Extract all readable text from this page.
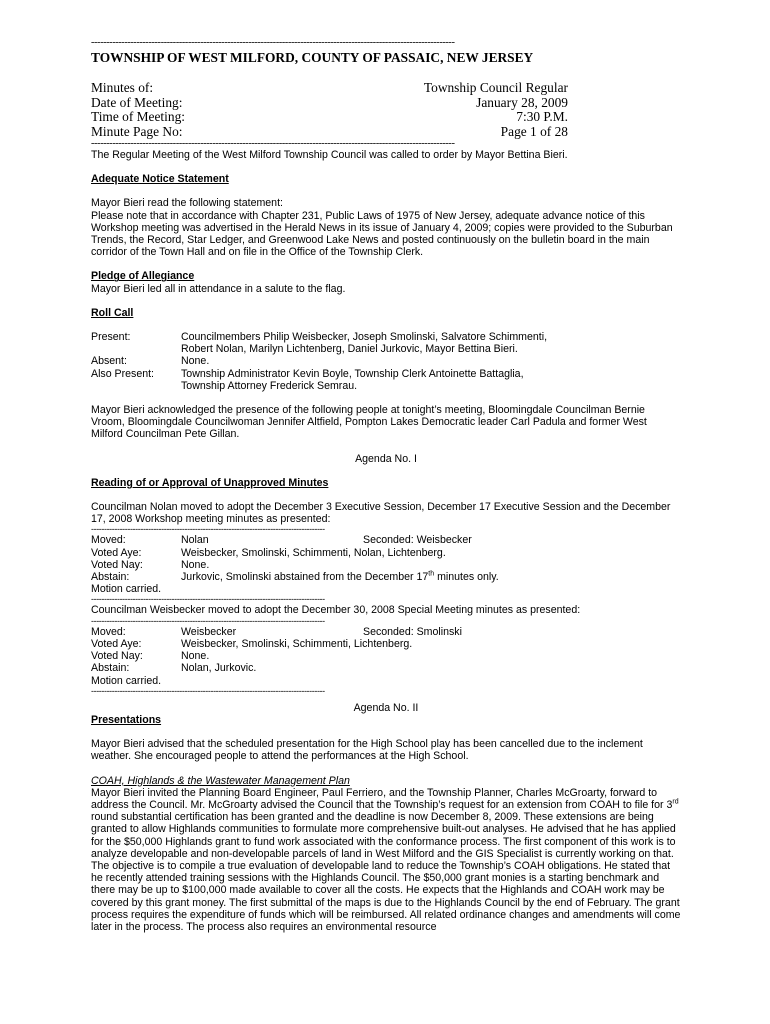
------------------------------------------------------------------------------------------------------------------------
TOWNSHIP OF WEST MILFORD, COUNTY OF PASSAIC, NEW JERSEY
Minutes of:	Township Council Regular
Date of Meeting:	January 28, 2009
Time of Meeting:	7:30 P.M.
Minute Page No:	Page 1 of 28
------------------------------------------------------------------------------------------------------------------------

The Regular Meeting of the West Milford Township Council was called to order by Mayor Bettina Bieri.

Adequate Notice Statement

Mayor Bieri read the following statement:

Please note that in accordance with Chapter 231, Public Laws of 1975 of New Jersey, adequate advance notice of this Workshop meeting was advertised in the Herald News in its issue of January 4, 2009; copies were provided to the Suburban Trends, the Record, Star Ledger, and Greenwood Lake News and posted continuously on the bulletin board in the main corridor of the Town Hall and on file in the Office of the Township Clerk.

Pledge of Allegiance

Mayor Bieri led all in attendance in a salute to the flag.

Roll Call

Present:	Councilmembers Philip Weisbecker, Joseph Smolinski, Salvatore Schimmenti,
Robert Nolan, Marilyn Lichtenberg, Daniel Jurkovic, Mayor Bettina Bieri.
Absent:	None.
Also Present:	Township Administrator Kevin Boyle, Township Clerk Antoinette Battaglia,
Township Attorney Frederick Semrau.

Mayor Bieri acknowledged the presence of the following people at tonight’s meeting, Bloomingdale Councilman Bernie Vroom, Bloomingdale Councilwoman Jennifer Altfield, Pompton Lakes Democratic leader Carl Padula and former West Milford Councilman Pete Gillan.

Agenda No. I

Reading of or Approval of Unapproved Minutes

Councilman Nolan moved to adopt the December 3 Executive Session, December 17 Executive Session and the December 17, 2008 Workshop meeting minutes as presented:

------------------------------------------------------------------------------------------
Moved:	Nolan	Seconded: Weisbecker
Voted Aye:	Weisbecker, Smolinski, Schimmenti, Nolan, Lichtenberg.
Voted Nay:	None.
Abstain:	Jurkovic, Smolinski abstained from the December 17th minutes only.

Motion carried.

------------------------------------------------------------------------------------------

Councilman Weisbecker moved to adopt the December 30, 2008 Special Meeting minutes as presented:

------------------------------------------------------------------------------------------
Moved:	Weisbecker	Seconded: Smolinski
Voted Aye:	Weisbecker, Smolinski, Schimmenti, Lichtenberg.
Voted Nay:	None.
Abstain:	Nolan, Jurkovic.

Motion carried.

------------------------------------------------------------------------------------------

Agenda No. II

Presentations

Mayor Bieri advised that the scheduled presentation for the High School play has been cancelled due to the inclement weather. She encouraged people to attend the performances at the High School.

COAH, Highlands & the Wastewater Management Plan

Mayor Bieri invited the Planning Board Engineer, Paul Ferriero, and the Township Planner, Charles McGroarty, forward to address the Council. Mr. McGroarty advised the Council that the Township’s request for an extension from COAH to file for 3rd round substantial certification has been granted and the deadline is now December 8, 2009. These extensions are being granted to allow Highlands communities to formulate more comprehensive built-out analyses. He advised that he has applied for the $50,000 Highlands grant to fund work associated with the conformance process. The first component of this work is to analyze developable and non-developable parcels of land in West Milford and the GIS Specialist is currently working on that. The objective is to compile a true evaluation of developable land to reduce the Township’s COAH obligations. He stated that he recently attended training sessions with the Highlands Council. The $50,000 grant monies is a starting benchmark and there may be up to $100,000 made available to cover all the costs. He expects that the Highlands and COAH work may be covered by this grant money. The first submittal of the maps is due to the Highlands Council by the end of February. The grant process requires the expenditure of funds which will be reimbursed. All related ordinance changes and amendments will come later in the process. The process also requires an environmental resource
